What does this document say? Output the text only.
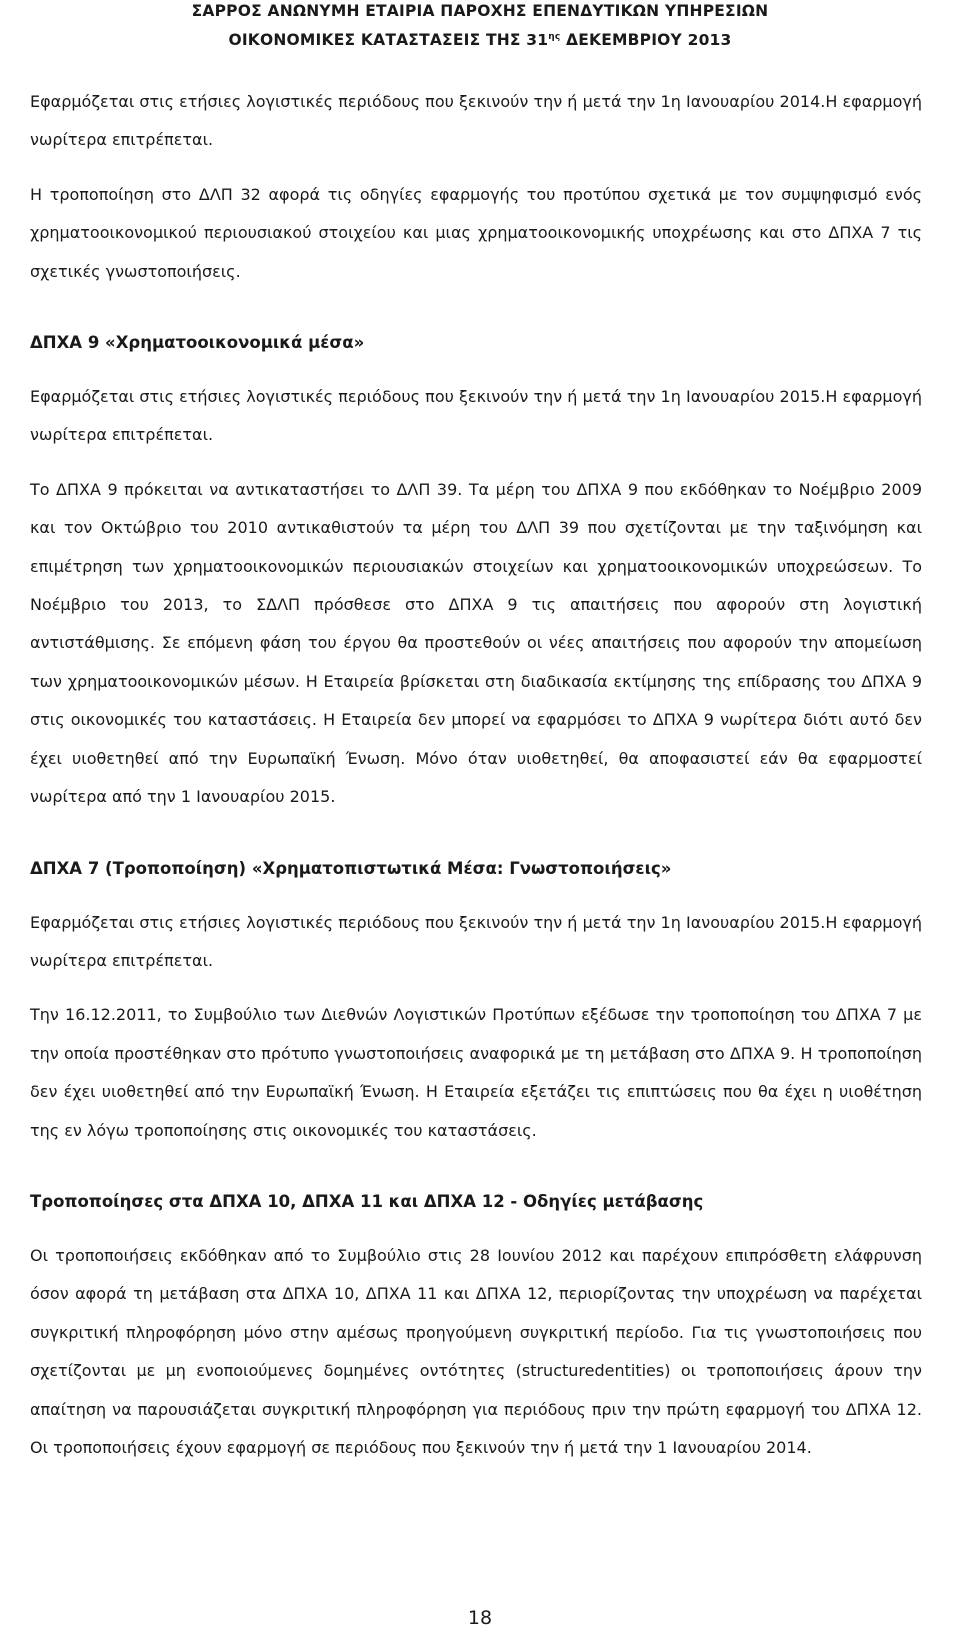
ΣΑΡΡΟΣ ΑΝΩΝΥΜΗ ΕΤΑΙΡΙΑ ΠΑΡΟΧΗΣ ΕΠΕΝΔΥΤΙΚΩΝ ΥΠΗΡΕΣΙΩΝ
ΟΙΚΟΝΟΜΙΚΕΣ ΚΑΤΑΣΤΑΣΕΙΣ ΤΗΣ $31^{\eta\varsigma}$ ΔΕΚΕΜΒΡΙΟΥ 2013

Εφαρμόζεται στις ετήσιες λογιστικές περιόδους που ξεκινούν την ή μετά την 1η Ιανουαρίου 2014.Η εφαρμογή νωρίτερα επιτρέπεται.

Η τροποποίηση στο ΔΛΠ 32 αφορά τις οδηγίες εφαρμογής του προτύπου σχετικά με τον συμψηφισμό ενός χρηματοοικονομικού περιουσιακού στοιχείου και μιας χρηματοοικονομικής υποχρέωσης και στο ΔΠΧΑ 7 τις σχετικές γνωστοποιήσεις.

ΔΠΧΑ 9 «Χρηματοοικονομικά μέσα»

Εφαρμόζεται στις ετήσιες λογιστικές περιόδους που ξεκινούν την ή μετά την 1η Ιανουαρίου 2015.Η εφαρμογή νωρίτερα επιτρέπεται.

Το ΔΠΧΑ 9 πρόκειται να αντικαταστήσει το ΔΛΠ 39. Τα μέρη του ΔΠΧΑ 9 που εκδόθηκαν το Νοέμβριο 2009 και τον Οκτώβριο του 2010 αντικαθιστούν τα μέρη του ΔΛΠ 39 που σχετίζονται με την ταξινόμηση και επιμέτρηση των χρηματοοικονομικών περιουσιακών στοιχείων και χρηματοοικονομικών υποχρεώσεων. Το Νοέμβριο του 2013, το ΣΔΛΠ πρόσθεσε στο ΔΠΧΑ 9 τις απαιτήσεις που αφορούν στη λογιστική αντιστάθμισης. Σε επόμενη φάση του έργου θα προστεθούν οι νέες απαιτήσεις που αφορούν την απομείωση των χρηματοοικονομικών μέσων. Η Εταιρεία βρίσκεται στη διαδικασία εκτίμησης της επίδρασης του ΔΠΧΑ 9 στις οικονομικές του καταστάσεις. Η Εταιρεία δεν μπορεί να εφαρμόσει το ΔΠΧΑ 9 νωρίτερα διότι αυτό δεν έχει υιοθετηθεί από την Ευρωπαϊκή Ένωση. Μόνο όταν υιοθετηθεί, θα αποφασιστεί εάν θα εφαρμοστεί νωρίτερα από την 1 Ιανουαρίου 2015.

ΔΠΧΑ 7 (Τροποποίηση) «Χρηματοπιστωτικά Μέσα: Γνωστοποιήσεις»

Εφαρμόζεται στις ετήσιες λογιστικές περιόδους που ξεκινούν την ή μετά την 1η Ιανουαρίου 2015.Η εφαρμογή νωρίτερα επιτρέπεται.

Την 16.12.2011, το Συμβούλιο των Διεθνών Λογιστικών Προτύπων εξέδωσε την τροποποίηση του ΔΠΧΑ 7 με την οποία προστέθηκαν στο πρότυπο γνωστοποιήσεις αναφορικά με τη μετάβαση στο ΔΠΧΑ 9. Η τροποποίηση δεν έχει υιοθετηθεί από την Ευρωπαϊκή Ένωση. Η Εταιρεία εξετάζει τις επιπτώσεις που θα έχει η υιοθέτηση της εν λόγω τροποποίησης στις οικονομικές του καταστάσεις.

Τροποποίησες στα ΔΠΧΑ 10, ΔΠΧΑ 11 και ΔΠΧΑ 12 - Οδηγίες μετάβασης

Οι τροποποιήσεις εκδόθηκαν από το Συμβούλιο στις 28 Ιουνίου 2012 και παρέχουν επιπρόσθετη ελάφρυνση όσον αφορά τη μετάβαση στα ΔΠΧΑ 10, ΔΠΧΑ 11 και ΔΠΧΑ 12, περιορίζοντας την υποχρέωση να παρέχεται συγκριτική πληροφόρηση μόνο στην αμέσως προηγούμενη συγκριτική περίοδο. Για τις γνωστοποιήσεις που σχετίζονται με μη ενοποιούμενες δομημένες οντότητες (structuredentities) οι τροποποιήσεις άρουν την απαίτηση να παρουσιάζεται συγκριτική πληροφόρηση για περιόδους πριν την πρώτη εφαρμογή του ΔΠΧΑ 12. Οι τροποποιήσεις έχουν εφαρμογή σε περιόδους που ξεκινούν την ή μετά την 1 Ιανουαρίου 2014.

18
